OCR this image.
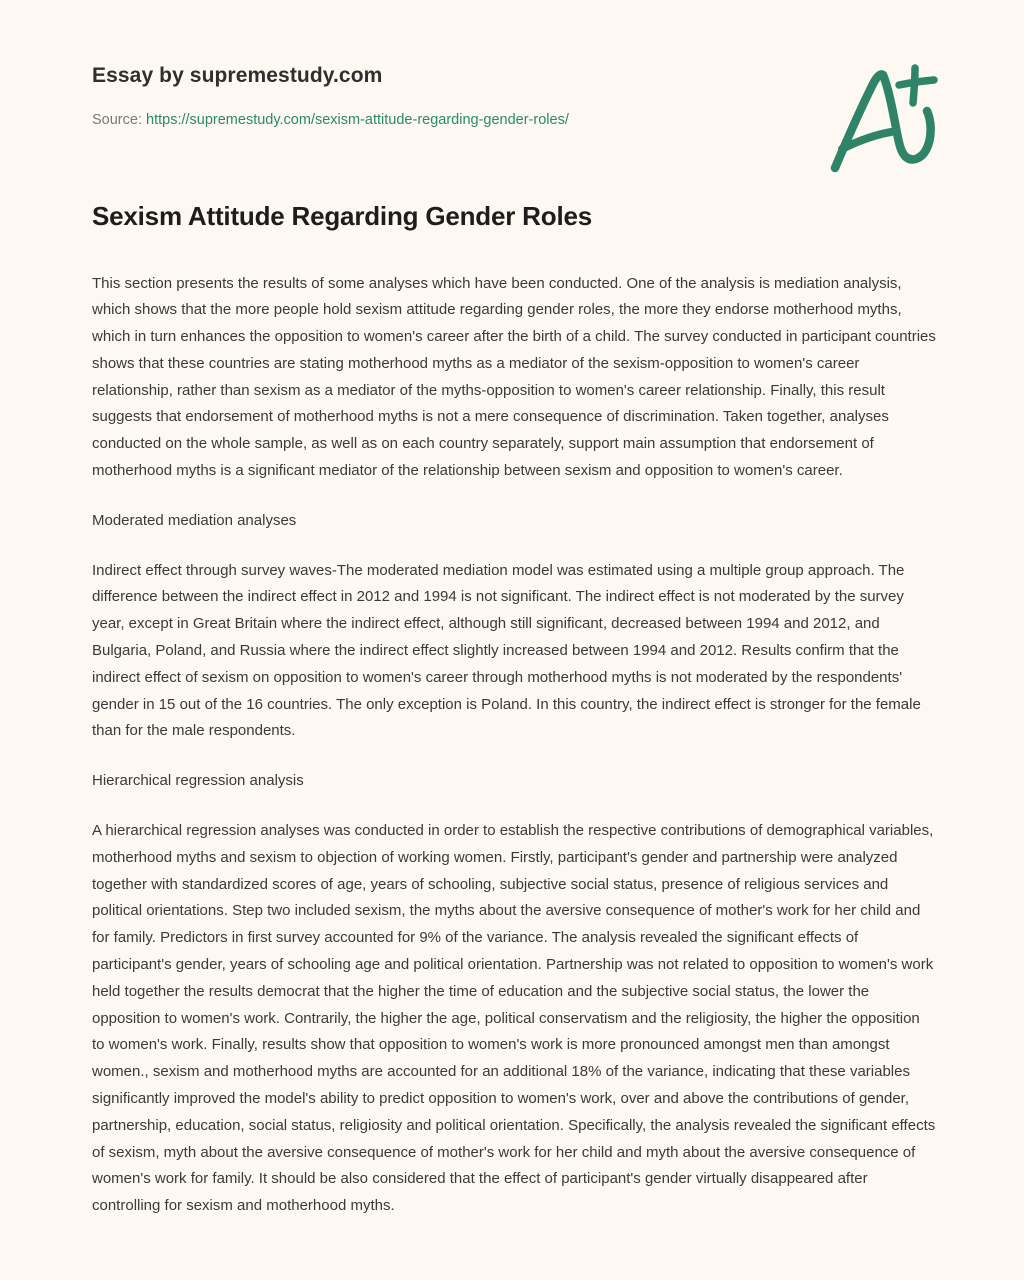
Essay by supremestudy.com
Source: https://supremestudy.com/sexism-attitude-regarding-gender-roles/
Sexism Attitude Regarding Gender Roles

This section presents the results of some analyses which have been conducted. One of the analysis is mediation analysis, which shows that the more people hold sexism attitude regarding gender roles, the more they endorse motherhood myths, which in turn enhances the opposition to women's career after the birth of a child. The survey conducted in participant countries shows that these countries are stating motherhood myths as a mediator of the sexism-opposition to women's career relationship, rather than sexism as a mediator of the myths-opposition to women's career relationship. Finally, this result suggests that endorsement of motherhood myths is not a mere consequence of discrimination. Taken together, analyses conducted on the whole sample, as well as on each country separately, support main assumption that endorsement of motherhood myths is a significant mediator of the relationship between sexism and opposition to women's career.

Moderated mediation analyses

Indirect effect through survey waves-The moderated mediation model was estimated using a multiple group approach. The difference between the indirect effect in 2012 and 1994 is not significant. The indirect effect is not moderated by the survey year, except in Great Britain where the indirect effect, although still significant, decreased between 1994 and 2012, and Bulgaria, Poland, and Russia where the indirect effect slightly increased between 1994 and 2012. Results confirm that the indirect effect of sexism on opposition to women's career through motherhood myths is not moderated by the respondents' gender in 15 out of the 16 countries. The only exception is Poland. In this country, the indirect effect is stronger for the female than for the male respondents.

Hierarchical regression analysis

A hierarchical regression analyses was conducted in order to establish the respective contributions of demographical variables, motherhood myths and sexism to objection of working women. Firstly, participant's gender and partnership were analyzed together with standardized scores of age, years of schooling, subjective social status, presence of religious services and political orientations. Step two included sexism, the myths about the aversive consequence of mother's work for her child and for family. Predictors in first survey accounted for 9% of the variance. The analysis revealed the significant effects of participant's gender, years of schooling age and political orientation. Partnership was not related to opposition to women's work held together the results democrat that the higher the time of education and the subjective social status, the lower the opposition to women's work. Contrarily, the higher the age, political conservatism and the religiosity, the higher the opposition to women's work. Finally, results show that opposition to women's work is more pronounced amongst men than amongst women., sexism and motherhood myths are accounted for an additional 18% of the variance, indicating that these variables significantly improved the model's ability to predict opposition to women's work, over and above the contributions of gender, partnership, education, social status, religiosity and political orientation. Specifically, the analysis revealed the significant effects of sexism, myth about the aversive consequence of mother's work for her child and myth about the aversive consequence of women's work for family. It should be also considered that the effect of participant's gender virtually disappeared after controlling for sexism and motherhood myths.
